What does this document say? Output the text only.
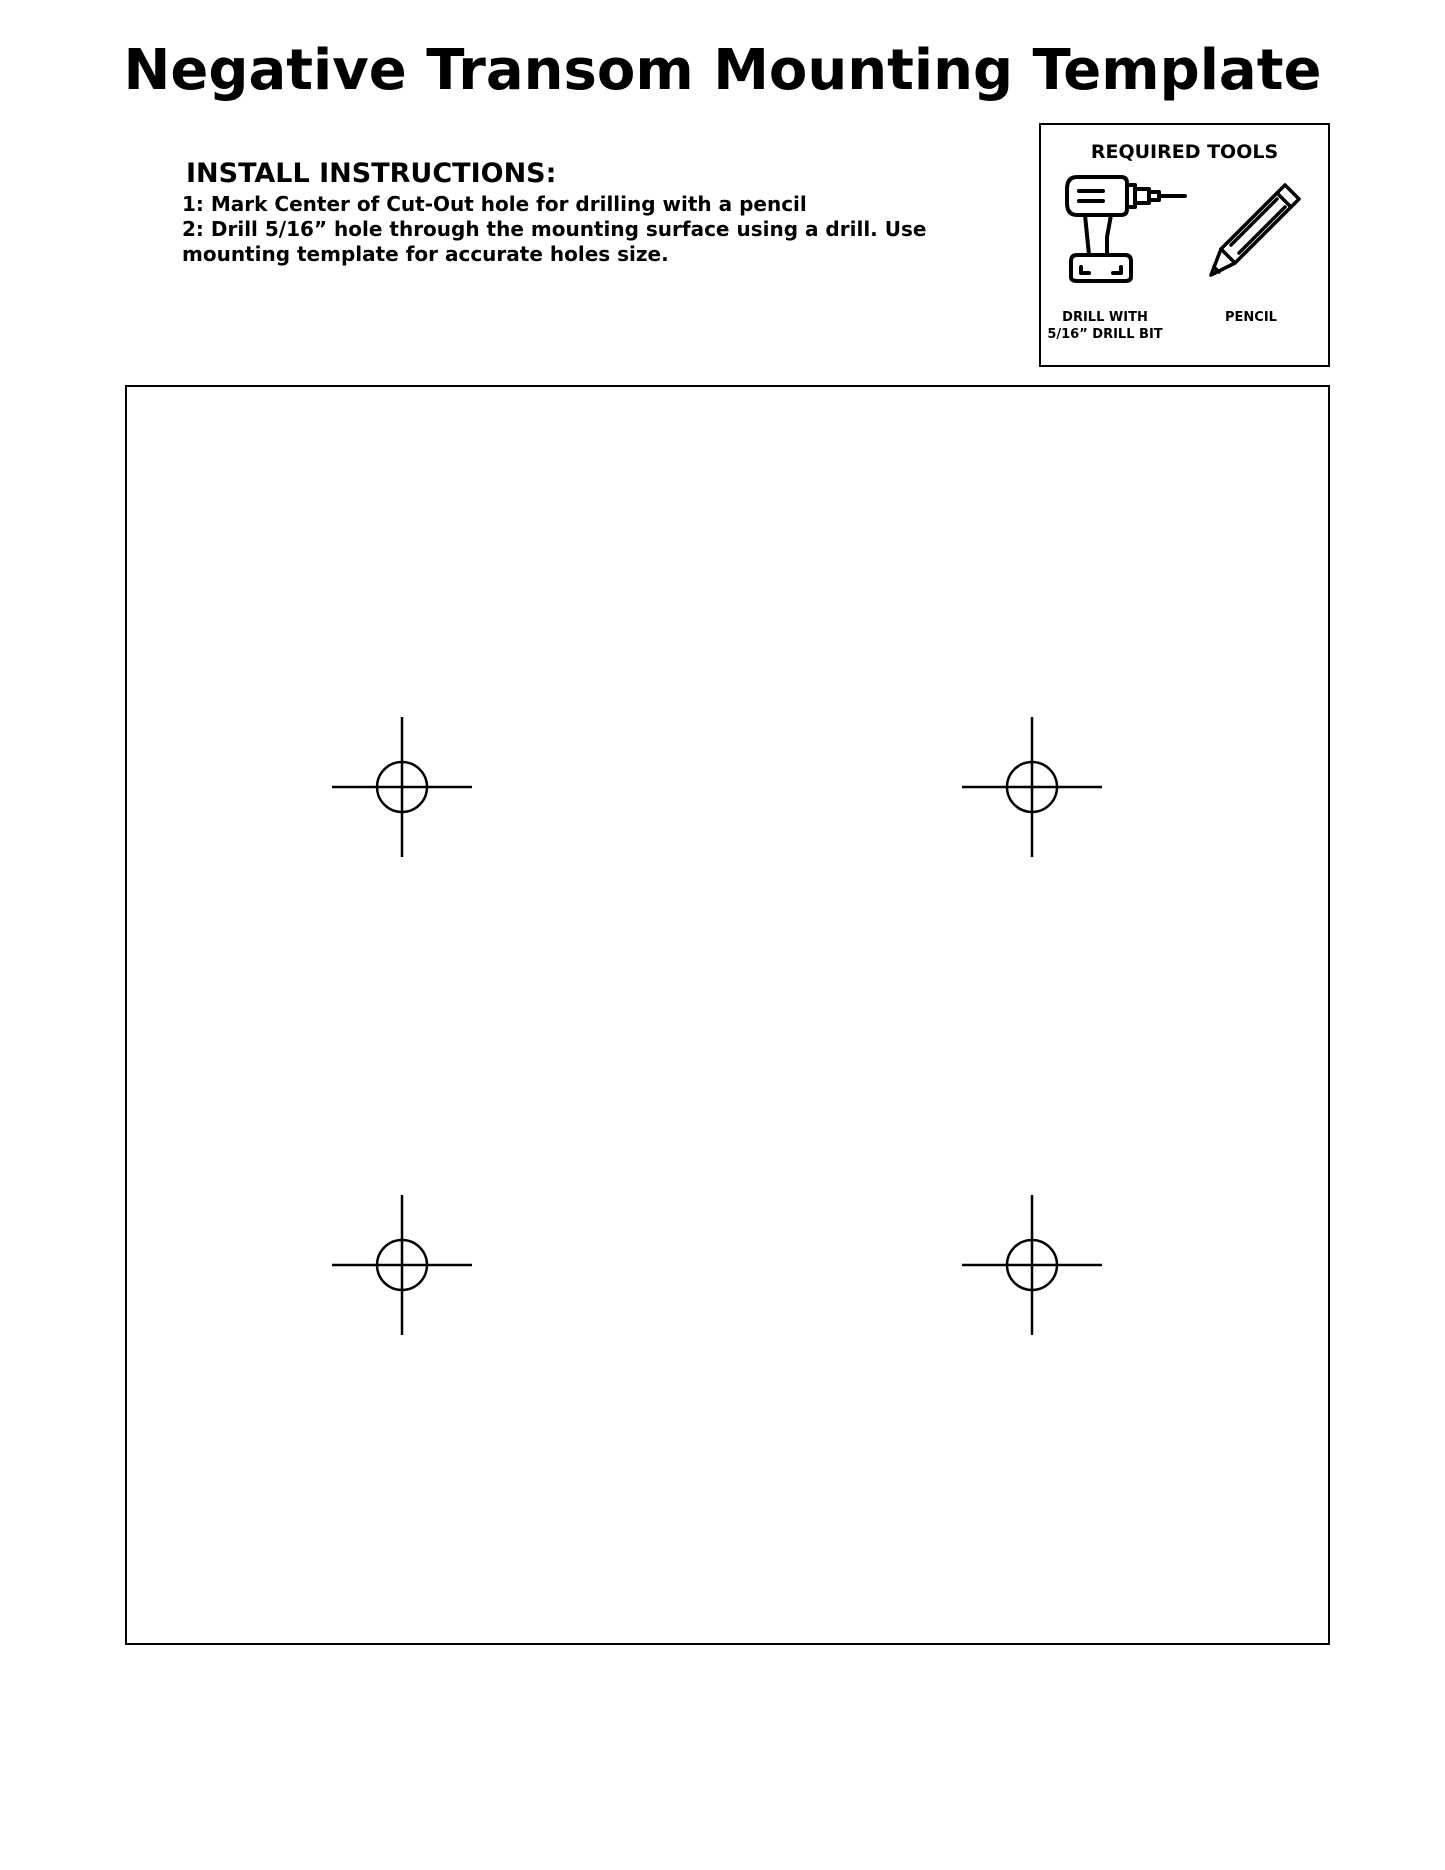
Negative Transom Mounting Template
INSTALL INSTRUCTIONS:
1: Mark Center of Cut-Out hole for drilling with a pencil
2: Drill 5/16” hole through the mounting surface using a drill. Use mounting template for accurate holes size.
REQUIRED TOOLS
DRILL WITH
5/16” DRILL BIT
PENCIL
